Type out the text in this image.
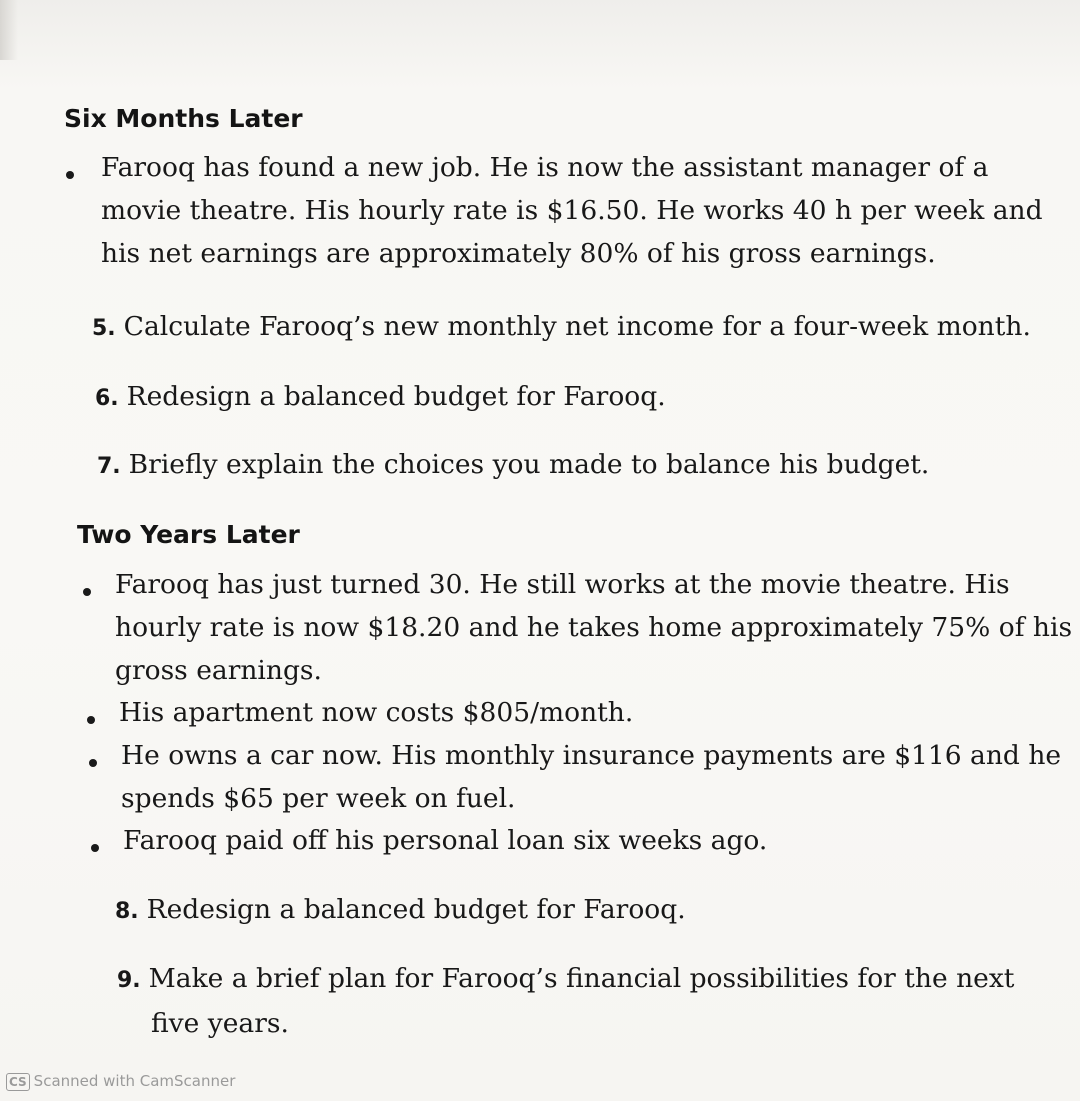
Six Months Later
Farooq has found a new job. He is now the assistant manager of a
movie theatre. His hourly rate is $16.50. He works 40 h per week and
his net earnings are approximately 80% of his gross earnings.
5. Calculate Farooq’s new monthly net income for a four-week month.
6. Redesign a balanced budget for Farooq.
7. Briefly explain the choices you made to balance his budget.
Two Years Later
Farooq has just turned 30. He still works at the movie theatre. His
hourly rate is now $18.20 and he takes home approximately 75% of his
gross earnings.
His apartment now costs $805/month.
He owns a car now. His monthly insurance payments are $116 and he
spends $65 per week on fuel.
Farooq paid off his personal loan six weeks ago.
8. Redesign a balanced budget for Farooq.
9. Make a brief plan for Farooq’s financial possibilities for the next
five years.
CS Scanned with CamScanner
